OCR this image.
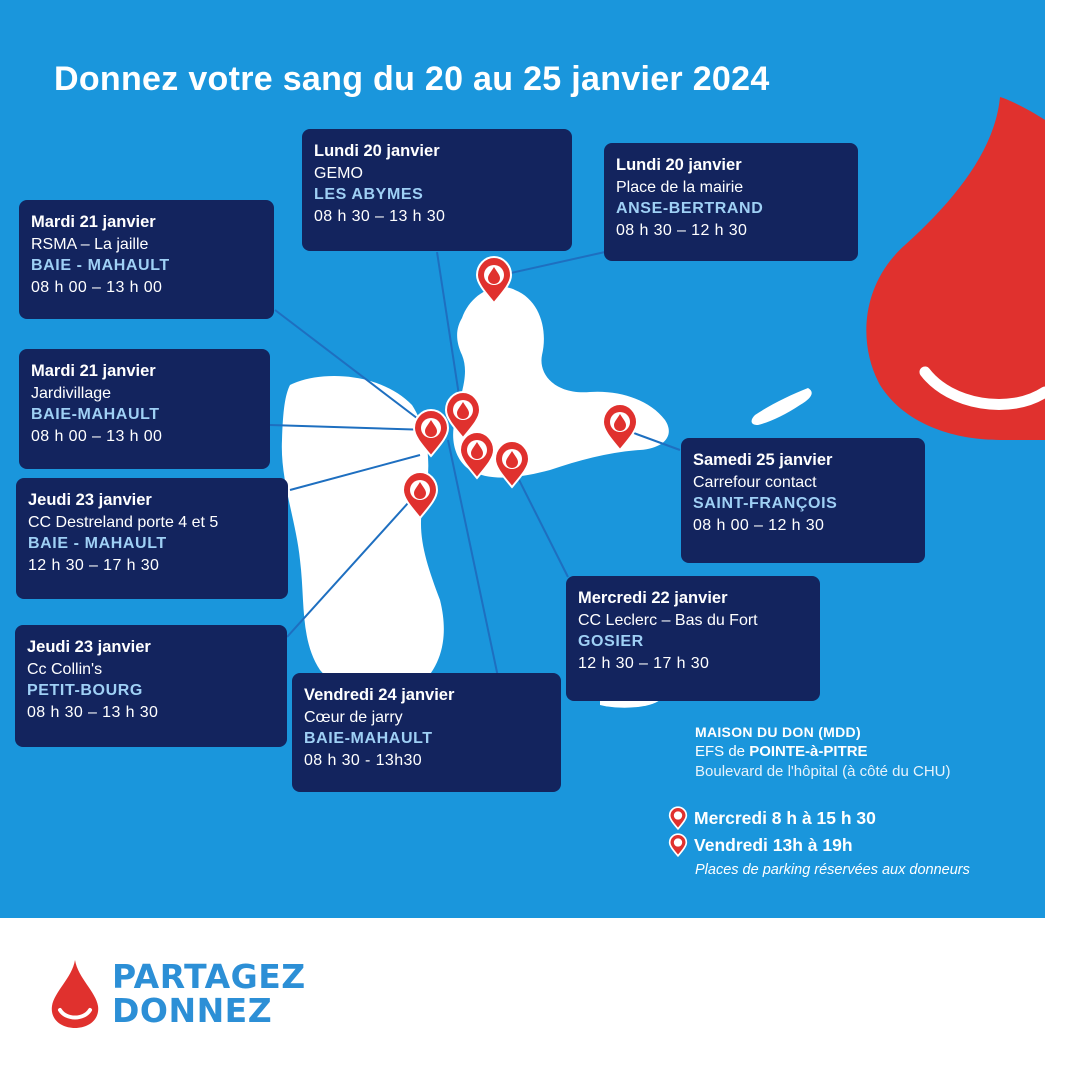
Donnez votre sang du 20 au 25 janvier 2024
Lundi 20 janvier
GEMO
LES ABYMES
08 h 30 – 13 h 30
Lundi 20 janvier
Place de la mairie
ANSE-BERTRAND
08 h 30 – 12 h 30
Mardi 21 janvier
RSMA – La jaille
BAIE - MAHAULT
08 h 00 – 13 h 00
Mardi 21 janvier
Jardivillage
BAIE-MAHAULT
08 h 00 – 13 h 00
Jeudi 23 janvier
CC Destreland porte 4 et 5
BAIE - MAHAULT
12 h 30 – 17 h 30
Jeudi 23 janvier
Cc Collin's
PETIT-BOURG
08 h 30 – 13 h 30
Vendredi 24 janvier
Cœur de jarry
BAIE-MAHAULT
08 h 30 - 13h30
Mercredi 22 janvier
CC Leclerc – Bas du Fort
GOSIER
12 h 30 – 17 h 30
Samedi 25 janvier
Carrefour contact
SAINT-FRANÇOIS
08 h 00 – 12 h 30
MAISON DU DON (MDD)
EFS de POINTE-à-PITRE
Boulevard de l'hôpital (à côté du CHU)
Mercredi 8 h à 15 h 30
Vendredi 13h à 19h
Places de parking réservées aux donneurs
PARTAGEZ
DONNEZ
